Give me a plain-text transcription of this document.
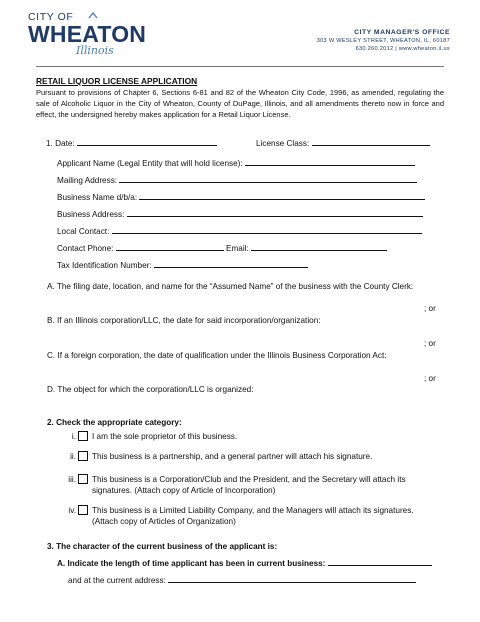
CITY OF
WHEATON
Illinois
CITY MANAGER'S OFFICE
303 W WESLEY STREET, WHEATON, IL, 60187
630.260.2012 | www.wheaton.il.us
RETAIL LIQUOR LICENSE APPLICATION
Pursuant to provisions of Chapter 6, Sections 6-81 and 82 of the Wheaton City Code, 1996, as amended, regulating the sale of Alcoholic Liquor in the City of Wheaton, County of DuPage, Illinois, and all amendments thereto now in force and effect, the undersigned hereby makes application for a Retail Liquor License.
1. Date:	License Class:
Applicant Name (Legal Entity that will hold license):
Mailing Address:
Business Name d/b/a:
Business Address:
Local Contact:
Contact Phone:	Email:
Tax Identification Number:
A. The filing date, location, and name for the “Assumed Name” of the business with the County Clerk:
; or
B. If an Illinois corporation/LLC, the date for said incorporation/organization:
; or
C. If a foreign corporation, the date of qualification under the Illinois Business Corporation Act:
; or
D. The object for which the corporation/LLC is organized:
2. Check the appropriate category:
i. I am the sole proprietor of this business.
ii. This business is a partnership, and a general partner will attach his signature.
iii. This business is a Corporation/Club and the President, and the Secretary will attach its
signatures. (Attach copy of Article of Incorporation)
iv. This business is a Limited Liability Company, and the Managers will attach its signatures.
(Attach copy of Articles of Organization)
3. The character of the current business of the applicant is:
A. Indicate the length of time applicant has been in current business:
and at the current address:
